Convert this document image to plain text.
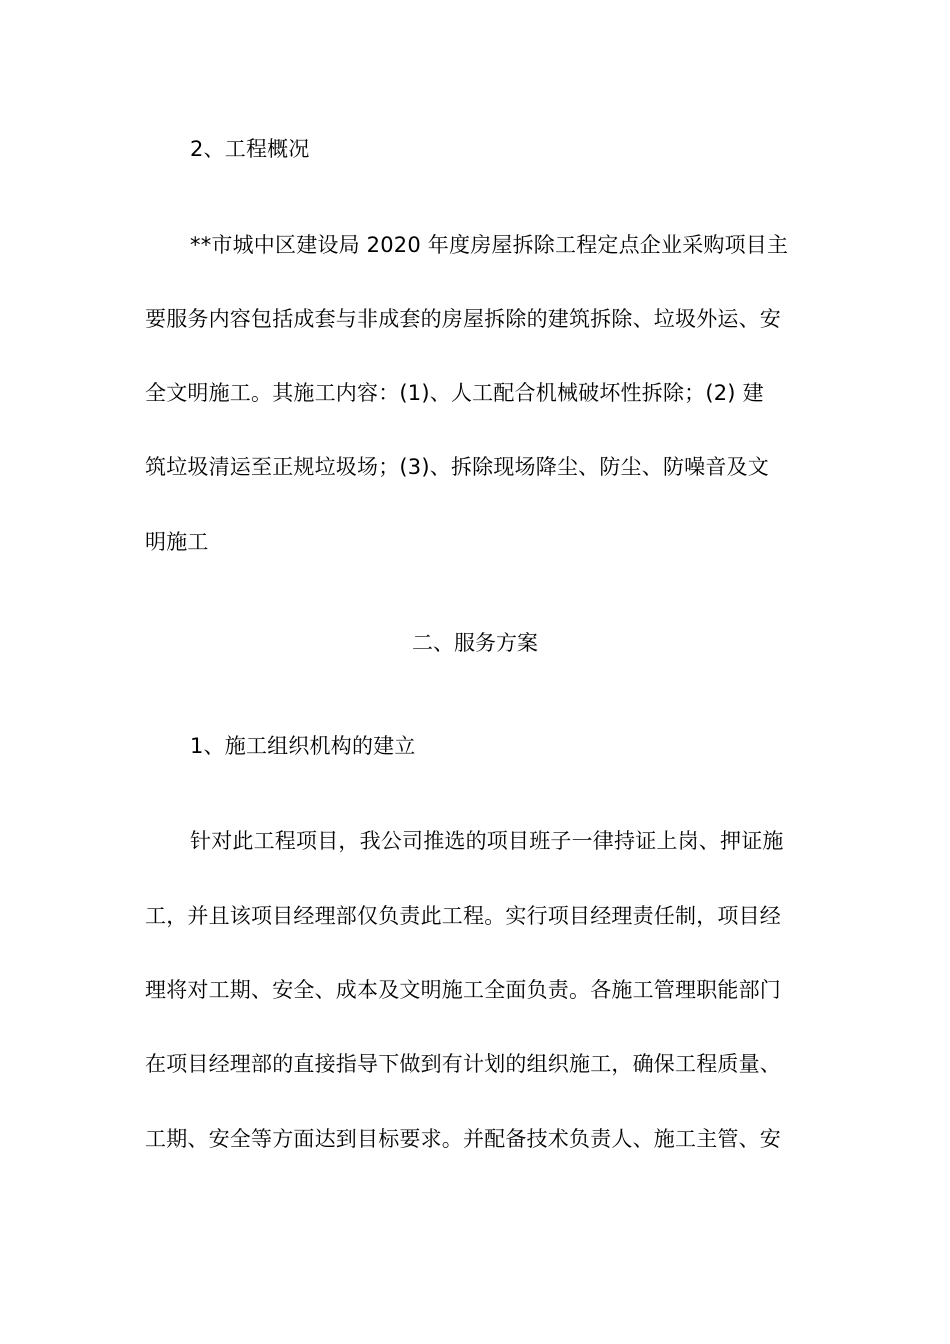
2、工程概况
**市城中区建设局 2020 年度房屋拆除工程定点企业采购项目主
要服务内容包括成套与非成套的房屋拆除的建筑拆除、垃圾外运、安
全文明施工。其施工内容：(1)、人工配合机械破坏性拆除；(2) 建
筑垃圾清运至正规垃圾场；(3)、拆除现场降尘、防尘、防噪音及文
明施工
二、服务方案
1、施工组织机构的建立
针对此工程项目，我公司推选的项目班子一律持证上岗、押证施
工，并且该项目经理部仅负责此工程。实行项目经理责任制，项目经
理将对工期、安全、成本及文明施工全面负责。各施工管理职能部门
在项目经理部的直接指导下做到有计划的组织施工，确保工程质量、
工期、安全等方面达到目标要求。并配备技术负责人、施工主管、安
